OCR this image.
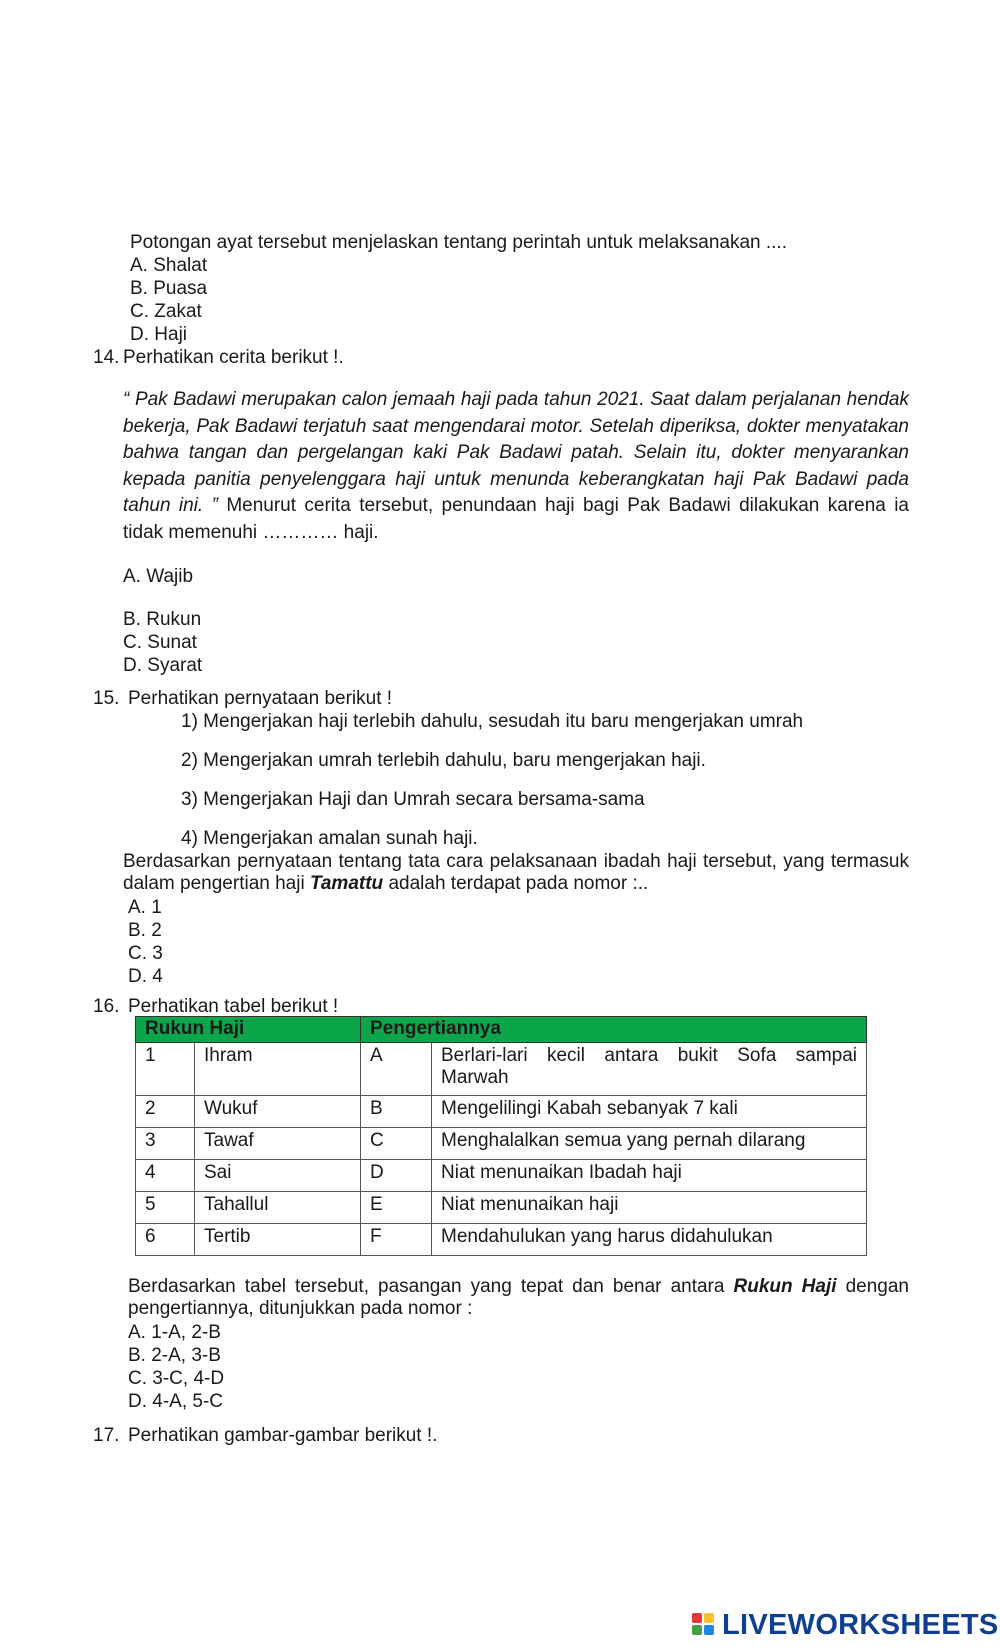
Potongan ayat tersebut menjelaskan tentang perintah untuk melaksanakan ....
A. Shalat
B. Puasa
C. Zakat
D. Haji
14. Perhatikan cerita berikut !.
“ Pak Badawi merupakan calon jemaah haji pada tahun 2021. Saat dalam perjalanan hendak bekerja, Pak Badawi terjatuh saat mengendarai motor. Setelah diperiksa, dokter menyatakan bahwa tangan dan pergelangan kaki Pak Badawi patah. Selain itu, dokter menyarankan kepada panitia penyelenggara haji untuk menunda keberangkatan haji Pak Badawi pada tahun ini. ” Menurut cerita tersebut, penundaan haji bagi Pak Badawi dilakukan karena ia tidak memenuhi ………… haji.
A. Wajib
B. Rukun
C. Sunat
D. Syarat
15. Perhatikan pernyataan berikut !
1) Mengerjakan haji terlebih dahulu, sesudah itu baru mengerjakan umrah
2) Mengerjakan umrah terlebih dahulu, baru mengerjakan haji.
3) Mengerjakan Haji dan Umrah secara bersama-sama
4) Mengerjakan amalan sunah haji.
Berdasarkan pernyataan tentang tata cara pelaksanaan ibadah haji tersebut, yang termasuk dalam pengertian haji Tamattu adalah terdapat pada nomor :..
A. 1
B. 2
C. 3
D. 4
16. Perhatikan tabel berikut !
Rukun Haji		Pengertiannya	
1	Ihram	A	Berlari-lari kecil antara bukit Sofa sampai Marwah
2	Wukuf	B	Mengelilingi Kabah sebanyak 7 kali
3	Tawaf	C	Menghalalkan semua yang pernah dilarang
4	Sai	D	Niat menunaikan Ibadah haji
5	Tahallul	E	Niat menunaikan haji
6	Tertib	F	Mendahulukan yang harus didahulukan
Berdasarkan tabel tersebut, pasangan yang tepat dan benar antara Rukun Haji dengan pengertiannya, ditunjukkan pada nomor :
A. 1-A, 2-B
B. 2-A, 3-B
C. 3-C, 4-D
D. 4-A, 5-C
17. Perhatikan gambar-gambar berikut !.
LIVEWORKSHEETS
